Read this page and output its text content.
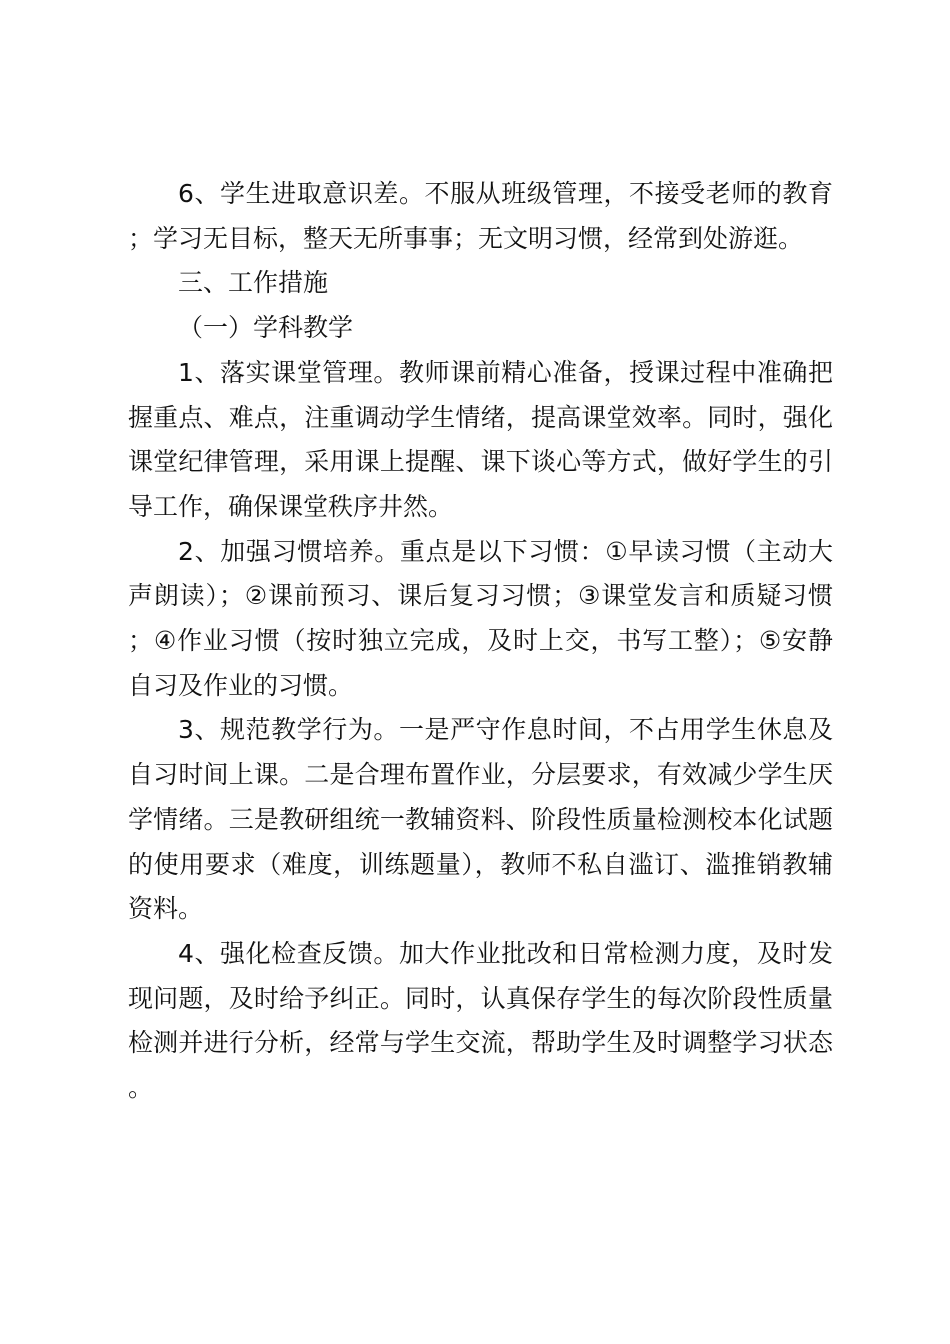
6、学生进取意识差。不服从班级管理，不接受老师的教育；学习无目标，整天无所事事；无文明习惯，经常到处游逛。

三、工作措施

（一）学科教学

1、落实课堂管理。教师课前精心准备，授课过程中准确把握重点、难点，注重调动学生情绪，提高课堂效率。同时，强化课堂纪律管理，采用课上提醒、课下谈心等方式，做好学生的引导工作，确保课堂秩序井然。

2、加强习惯培养。重点是以下习惯：①早读习惯（主动大声朗读）；②课前预习、课后复习习惯；③课堂发言和质疑习惯；④作业习惯（按时独立完成，及时上交，书写工整）；⑤安静自习及作业的习惯。

3、规范教学行为。一是严守作息时间，不占用学生休息及自习时间上课。二是合理布置作业，分层要求，有效减少学生厌学情绪。三是教研组统一教辅资料、阶段性质量检测校本化试题的使用要求（难度，训练题量），教师不私自滥订、滥推销教辅资料。

4、强化检查反馈。加大作业批改和日常检测力度，及时发现问题，及时给予纠正。同时，认真保存学生的每次阶段性质量检测并进行分析，经常与学生交流，帮助学生及时调整学习状态。
